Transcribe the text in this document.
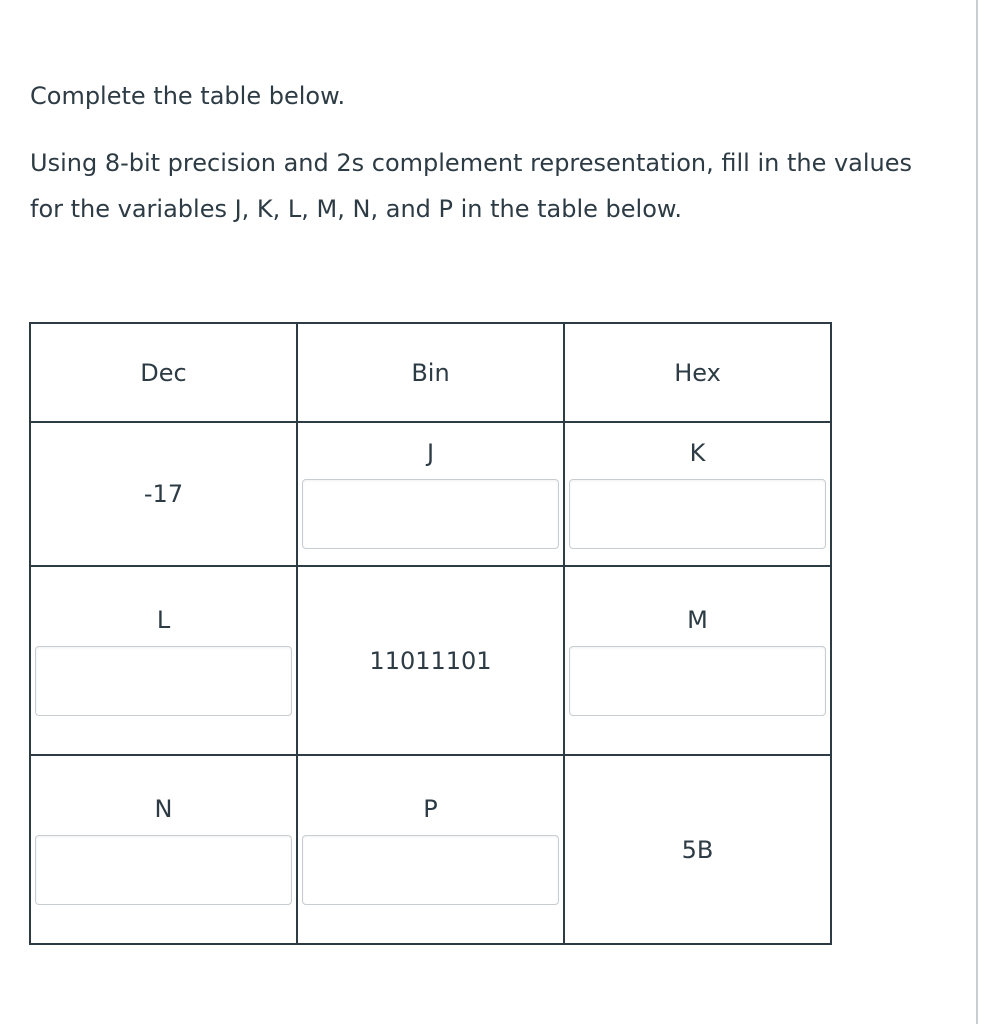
Complete the table below.

Using 8-bit precision and 2s complement representation, fill in the values for the variables J, K, L, M, N, and P in the table below.

Dec	Bin	Hex
-17	J	K

L	11011101	M

N	P	5B
